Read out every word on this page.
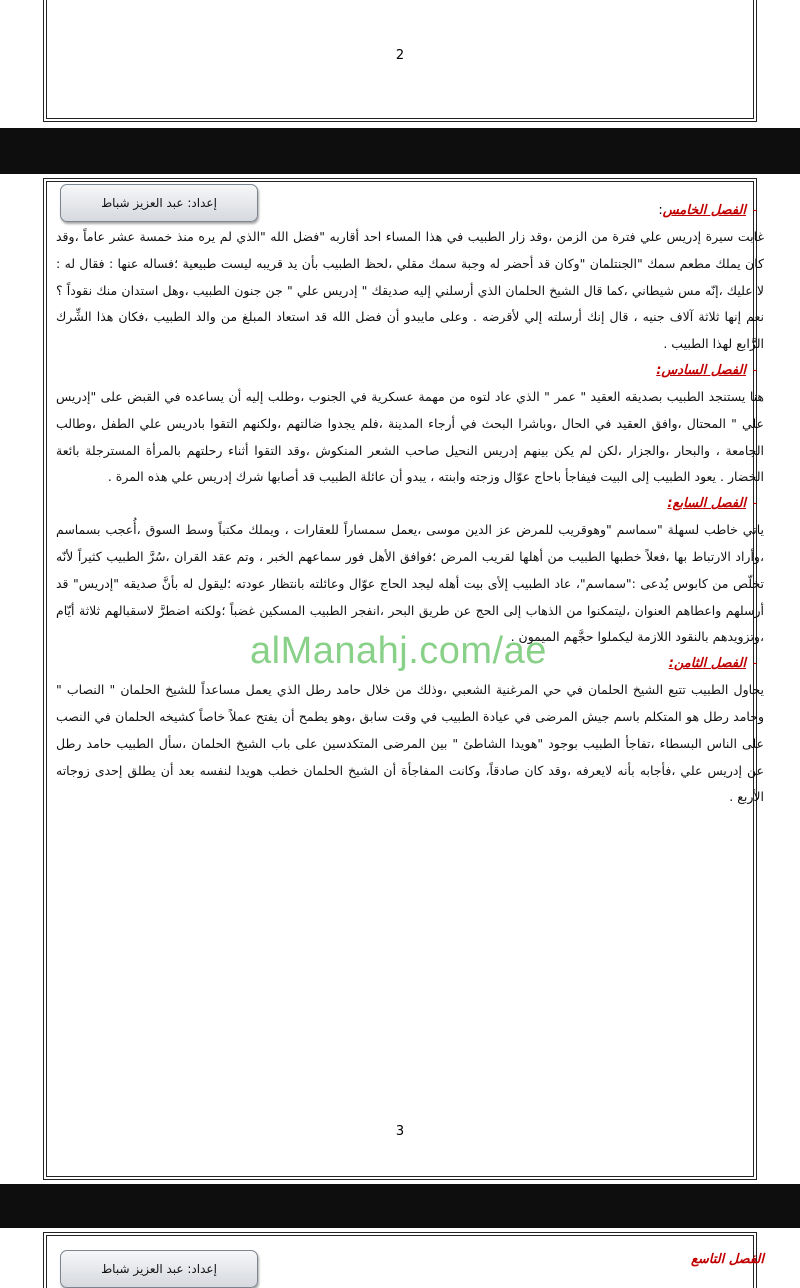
2
إعداد: عبد العزيز شباط	-الفصل الخامس:

غابت سيرة إدريس علي فترة من الزمن ،وقد زار الطبيب في هذا المساء احد أقاربه "فضل الله "الذي لم يره منذ خمسة عشر عاماً ،وقد كان يملك مطعم سمك "الجنتلمان "وكان قد أحضر له وجبة سمك مقلي ،لحظ الطبيب بأن يد قريبه ليست طبيعية ؛فساله عنها : فقال له : لا عليك ،إنّه مس شيطاني ،كما قال الشيخ الحلمان الذي أرسلني إليه صديقك " إدريس علي " جن جنون الطبيب ،وهل استدان منك نقوداً ؟ نعم إنها ثلاثة آلاف جنيه ، قال إنك أرسلته إلي لأقرضه . وعلى مايبدو أن فضل الله قد استعاد المبلغ من والد الطبيب ،فكان هذا الشِّرك الرَّابع لهذا الطبيب .

-الفصل السادس:

هنا يستنجد الطبيب بصديقه العقيد " عمر " الذي عاد لتوه من مهمة عسكرية في الجنوب ،وطلب إليه أن يساعده في القبض على "إدريس علي " المحتال ،وافق العقيد في الحال ،وباشرا البحث في أرجاء المدينة ،فلم يجدوا ضالتهم ،ولكنهم التقوا بادريس علي الطفل ،وطالب الجامعة ، والبحار ،والجزار ،لكن لم يكن بينهم إدريس النحيل صاحب الشعر المنكوش ،وقد التقوا أثناء رحلتهم بالمرأة المسترجلة بائعة الخضار . يعود الطبيب إلى البيت فيفاجأ باحاج عوّال وزجته وابنته ، يبدو أن عائلة الطبيب قد أصابها شرك إدريس علي هذه المرة .

-الفصل السابع:

ياتي خاطب لسهلة "سماسم "وهوقريب للمرض عز الدين موسى ،يعمل سمساراً للعقارات ، ويملك مكتباً وسط السوق ،أُعجب بسماسم ،وأراد الارتباط بها ،فعلاً خطبها الطبيب من أهلها لقريب المرض ؛فوافق الأهل فور سماعهم الخبر ، وتم عقد القران ،سُرَّ الطبيب كثيراً لأنّه تخلّص من كابوس يُدعى :"سماسم"، عاد الطبيب إلأى بيت أهله ليجد الحاج عوّال وعائلته بانتظار عودته ؛ليقول له بأنَّ صديقه "إدريس" قد أرسلهم واعطاهم العنوان ،ليتمكنوا من الذهاب إلى الحج عن طريق البحر ،انفجر الطبيب المسكين غضباً ؛ولكنه اضطرَّ لاسقبالهم ثلاثة أيّام ،وتزويدهم بالنقود اللازمة ليكملوا حجَّهم الميمون .

-الفصل الثامن:

يحاول الطبيب تتبع الشيخ الحلمان في حي المرغنية الشعبي ،وذلك من خلال حامد رطل الذي يعمل مساعداً للشيخ الحلمان " النصاب " وحامد رطل هو المتكلم باسم جيش المرضى في عيادة الطبيب في وقت سابق ،وهو يطمح أن يفتح عملاً خاصاً كشيخه الحلمان في النصب على الناس البسطاء ،تفاجأ الطبيب بوجود "هويدا الشاطئ " بين المرضى المتكدسين على باب الشيخ الحلمان ،سأل الطبيب حامد رطل عن إدريس علي ،فأجابه بأنه لايعرفه ،وقد كان صادقاً، وكانت المفاجأة أن الشيخ الحلمان خطب هويدا لنفسه بعد أن يطلق إحدى زوجاته الأربع .

alManahj.com/ae
3
إعداد: عبد العزيز شباط
الفصل التاسع
